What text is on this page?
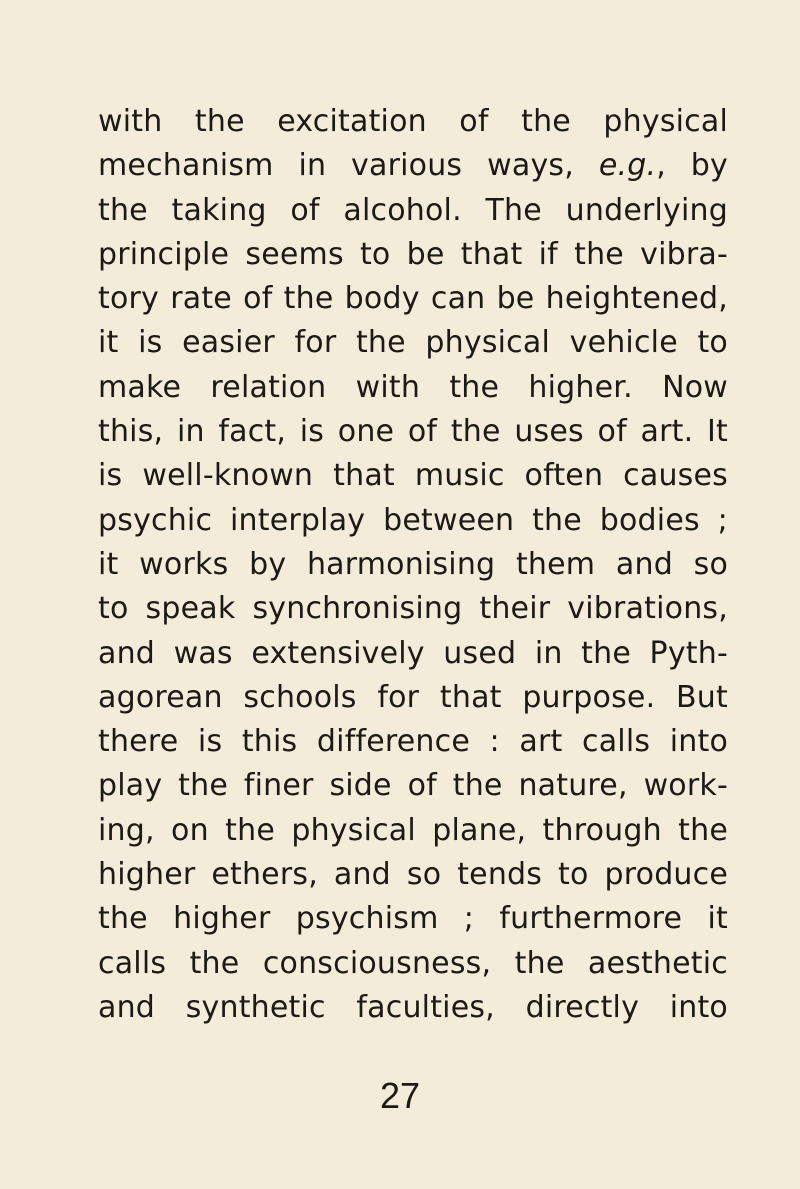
with the excitation of the physical
mechanism in various ways, e.g., by
the taking of alcohol. The underlying
principle seems to be that if the vibra-
tory rate of the body can be heightened,
it is easier for the physical vehicle to
make relation with the higher. Now
this, in fact, is one of the uses of art. It
is well-known that music often causes
psychic interplay between the bodies ;
it works by harmonising them and so
to speak synchronising their vibrations,
and was extensively used in the Pyth-
agorean schools for that purpose. But
there is this difference : art calls into
play the finer side of the nature, work-
ing, on the physical plane, through the
higher ethers, and so tends to produce
the higher psychism ; furthermore it
calls the consciousness, the aesthetic
and synthetic faculties, directly into
27
